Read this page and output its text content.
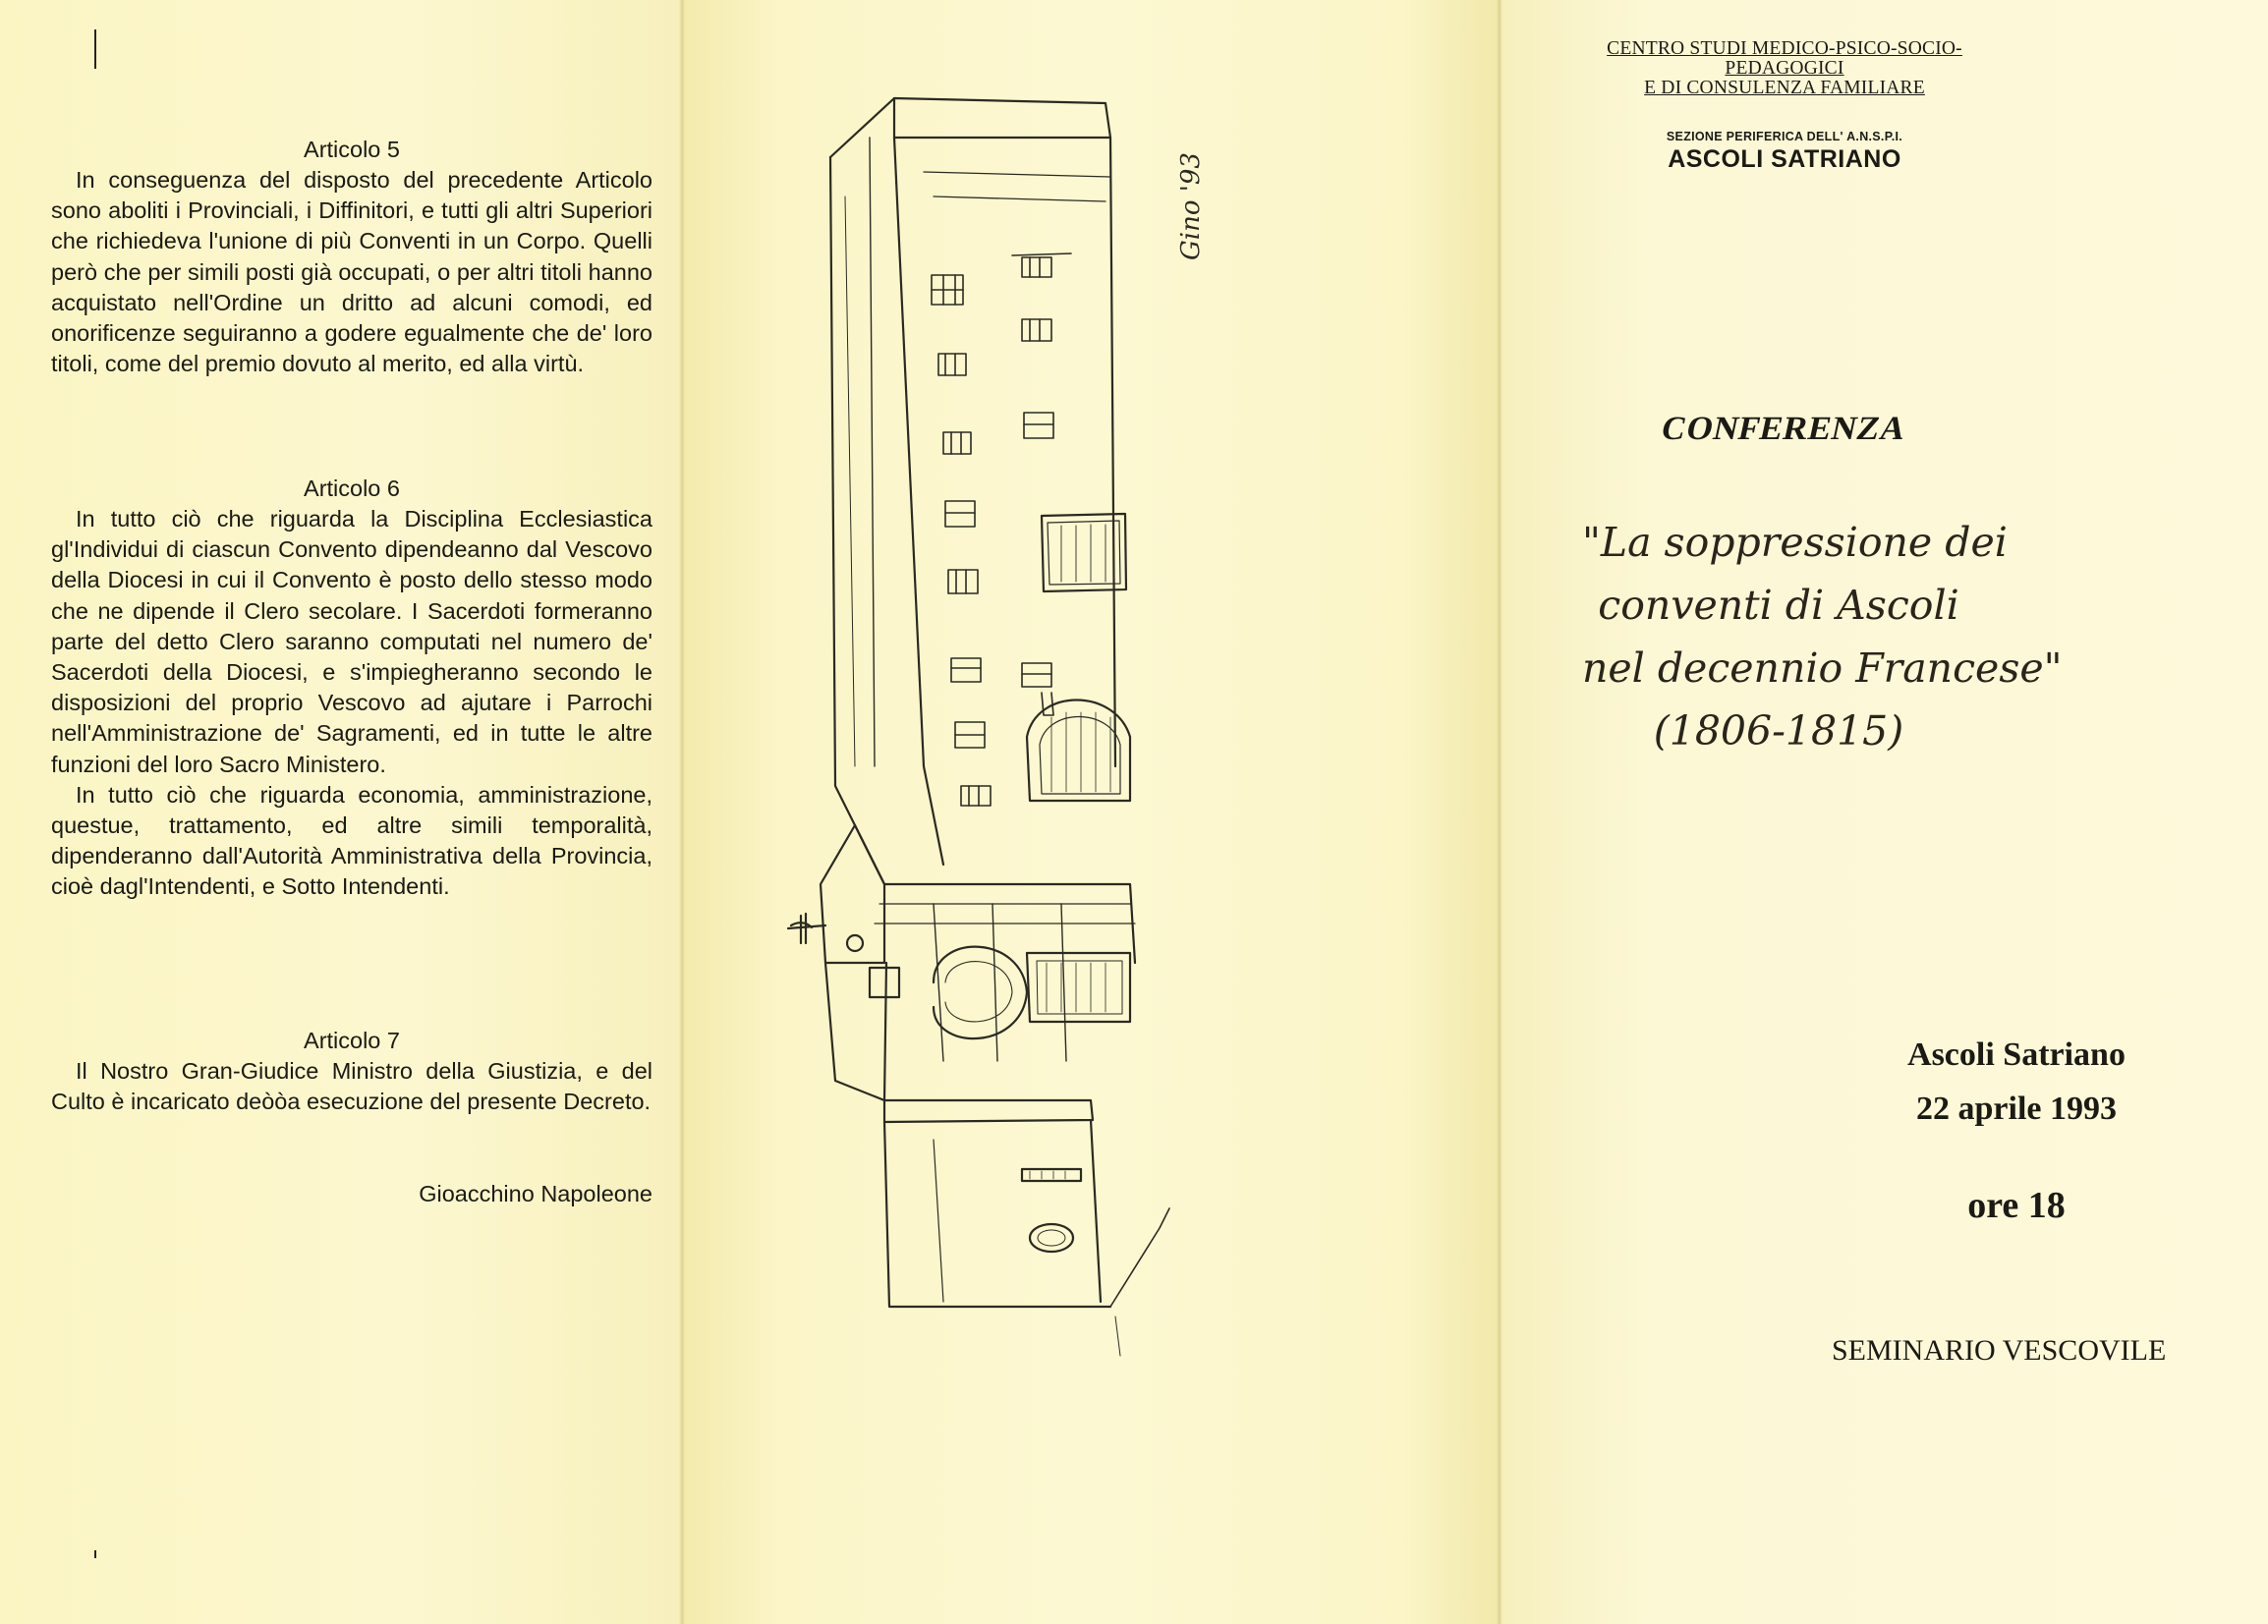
Articolo 5

In conseguenza del disposto del precedente Articolo sono aboliti i Provinciali, i Diffinitori, e tutti gli altri Superiori che richiedeva l'unione di più Conventi in un Corpo. Quelli però che per simili posti già occupati, o per altri titoli hanno acquistato nell'Ordine un dritto ad alcuni comodi, ed onorificenze seguiranno a godere egualmente che de' loro titoli, come del premio dovuto al merito, ed alla virtù.

Articolo 6

In tutto ciò che riguarda la Disciplina Ecclesiastica gl'Individui di ciascun Convento dipendeanno dal Vescovo della Diocesi in cui il Convento è posto dello stesso modo che ne dipende il Clero secolare. I Sacerdoti formeranno parte del detto Clero saranno computati nel numero de' Sacerdoti della Diocesi, e s'impiegheranno secondo le disposizioni del proprio Vescovo ad ajutare i Parrochi nell'Amministrazione de' Sagramenti, ed in tutte le altre funzioni del loro Sacro Ministero.

In tutto ciò che riguarda economia, amministrazione, questue, trattamento, ed altre simili temporalità, dipenderanno dall'Autorità Amministrativa della Provincia, cioè dagl'Intendenti, e Sotto Intendenti.

Articolo 7

Il Nostro Gran-Giudice Ministro della Giustizia, e del Culto è incaricato deòòa esecuzione del presente Decreto.

Gioacchino Napoleone
Gino '93
CENTRO STUDI MEDICO-PSICO-SOCIO-
PEDAGOGICI
E DI CONSULENZA FAMILIARE
SEZIONE PERIFERICA DELL' A.N.S.P.I.
ASCOLI SATRIANO
CONFERENZA
"La soppressione dei
conventi di Ascoli
nel decennio Francese"
(1806-1815)
Ascoli Satriano
22 aprile 1993
ore 18
SEMINARIO VESCOVILE
